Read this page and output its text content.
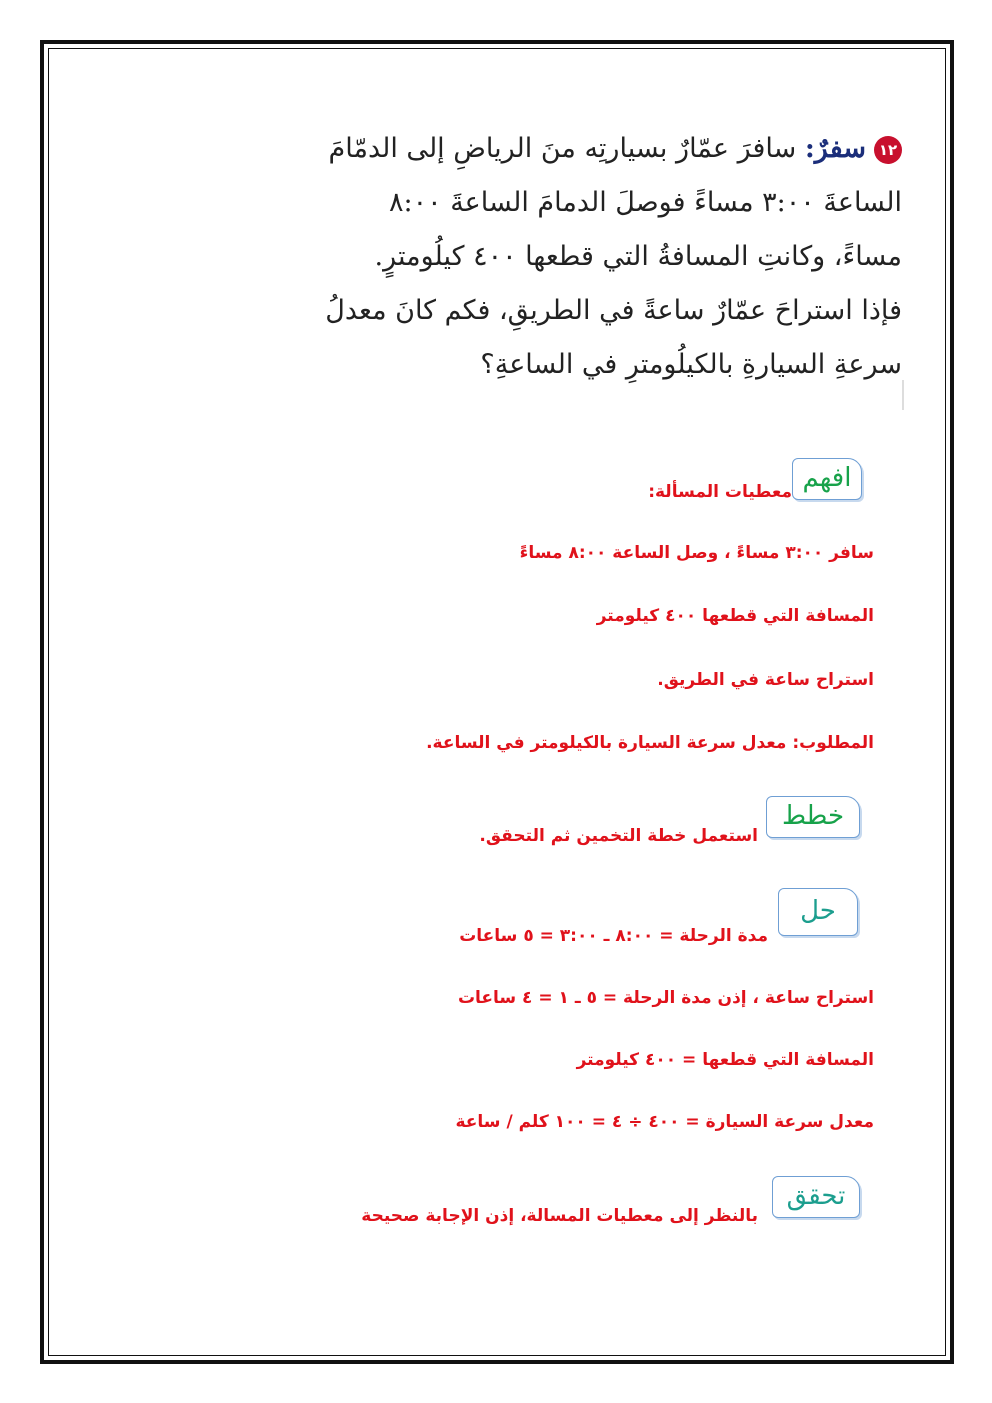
١٢سفرٌ: سافرَ عمّارٌ بسيارتِه منَ الرياضِ إلى الدمّامَ
الساعةَ ٣:٠٠ مساءً فوصلَ الدمامَ الساعةَ ٨:٠٠
مساءً، وكانتِ المسافةُ التي قطعها ٤٠٠ كيلُومترٍ.
فإذا استراحَ عمّارٌ ساعةً في الطريقِ، فكم كانَ معدلُ
سرعةِ السيارةِ بالكيلُومترِ في الساعةِ؟
افهم
معطيات المسألة:
سافر ٣:٠٠ مساءً ، وصل الساعة ٨:٠٠ مساءً
المسافة التي قطعها ٤٠٠ كيلومتر
استراح ساعة في الطريق.
المطلوب: معدل سرعة السيارة بالكيلومتر في الساعة.
خطط
استعمل خطة التخمين ثم التحقق.
حل
مدة الرحلة = ٨:٠٠ ـ ٣:٠٠ = ٥ ساعات
استراح ساعة ، إذن مدة الرحلة = ٥ ـ ١ = ٤ ساعات
المسافة التي قطعها = ٤٠٠ كيلومتر
معدل سرعة السيارة = ٤٠٠ ÷ ٤ = ١٠٠ كلم / ساعة
تحقق
بالنظر إلى معطيات المسالة، إذن الإجابة صحيحة
